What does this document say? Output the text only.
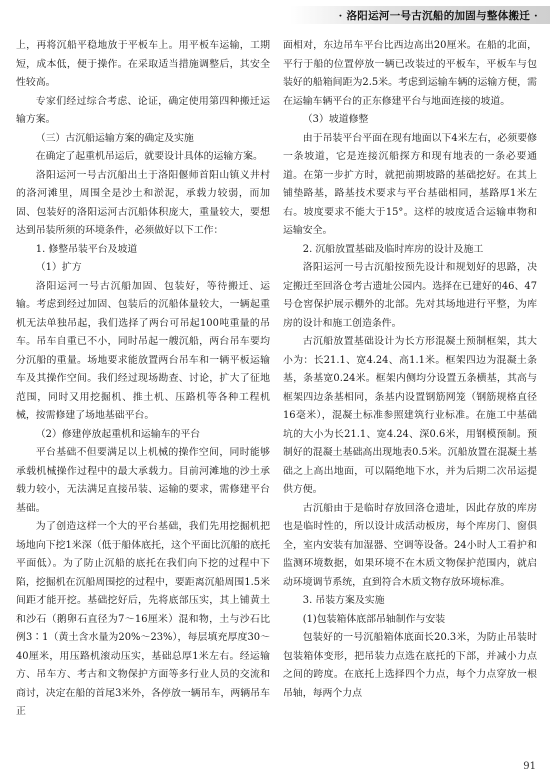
· 洛阳运河一号古沉船的加固与整体搬迁 ·

上，再将沉船平稳地放于平板车上。用平板车运输，工期短，成本低，便于操作。在采取适当措施调整后，其安全性较高。

专家们经过综合考虑、论证，确定使用第四种搬迁运输方案。

（三）古沉船运输方案的确定及实施

在确定了起重机吊运后，就要设计具体的运输方案。

洛阳运河一号古沉船出土于洛阳偃师首阳山镇义井村的洛河滩里，周围全是沙土和淤泥，承载力较弱，而加固、包装好的洛阳运河古沉船体积庞大，重量较大，要想达到吊装所须的环境条件，必须做好以下工作：

1. 修整吊装平台及坡道

（1）扩方

洛阳运河一号古沉船加固、包装好，等待搬迁、运输。考虑到经过加固、包装后的沉船体量较大，一辆起重机无法单独吊起，我们选择了两台可吊起100吨重量的吊车。吊车自重已不小，同时吊起一艘沉船，两台吊车要均分沉船的重量。场地要求能放置两台吊车和一辆平板运输车及其操作空间。我们经过现场勘查、讨论，扩大了征地范围，同时又用挖掘机、推土机、压路机等各种工程机械，按需修建了场地基础平台。

（2）修建停放起重机和运输车的平台

平台基础不但要满足以上机械的操作空间，同时能够承载机械操作过程中的最大承载力。目前河滩地的沙土承载力较小，无法满足直接吊装、运输的要求，需修建平台基础。

为了创造这样一个大的平台基础，我们先用挖掘机把场地向下挖1米深（低于船体底托，这个平面比沉船的底托平面低）。为了防止沉船的底托在我们向下挖的过程中下陷，挖掘机在沉船周围挖的过程中，要距离沉船周围1.5米间距才能开挖。基础挖好后，先将底部压实，其上铺黄土和沙石（鹅卵石直径为7～16厘米）混和物，土与沙石比例3∶1（黄土含水量为20%～23%），每层填充厚度30～40厘米，用压路机滚动压实，基础总厚1米左右。经运输方、吊车方、考古和文物保护方面等多行业人员的交流和商讨，决定在船的首尾3米外，各停放一辆吊车，两辆吊车正

面相对，东边吊车平台比西边高出20厘米。在船的北面，平行于船的位置停放一辆已改装过的平板车，平板车与包装好的船箱间距为2.5米。考虑到运输车辆的运输方便，需在运输车辆平台的正东修建平台与地面连接的坡道。

（3）坡道修整

由于吊装平台平面在现有地面以下4米左右，必须要修一条坡道，它是连接沉船探方和现有地表的一条必要通道。在第一步扩方时，就把前期坡路的基础挖好。在其上铺垫路基，路基技术要求与平台基础相同，基路厚1米左右。坡度要求不能大于15°。这样的坡度适合运输車物和运输安全。

2. 沉船放置基础及临时库房的设计及施工

洛阳运河一号古沉船按预先设计和规划好的思路，决定搬迁至回洛仓考古遗址公园内。选择在已建好的46、47号仓窖保护展示棚外的北部。先对其场地进行平整，为库房的设计和施工创造条件。

古沉船放置基础设计为长方形混凝土预制框架，其大小为：长21.1、宽4.24、高1.1米。框架四边为混凝土条基，条基宽0.24米。框架内侧均分设置五条横基，其高与框架四边条基相同，条基内设置钢筋网笼（钢筋规格直径16毫米），混凝土标准参照建筑行业标准。在施工中基础坑的大小为长21.1、宽4.24、深0.6米，用钢模预制。预制好的混凝土基础高出现地表0.5米。沉船放置在混凝土基础之上高出地面，可以隔绝地下水，并为后期二次吊运提供方便。

古沉船由于是临时存放回洛仓遗址，因此存放的库房也是临时性的，所以设计成活动板房，每个库房门、窗俱全，室内安装有加湿器、空调等设备。24小时人工看护和监测环境数据，如果环境不在木质文物保护范围内，就启动环境调节系统，直到符合木质文物存放环境标准。

3. 吊装方案及实施

(1)包装箱体底部吊轴制作与安装

包装好的一号沉船箱体底面长20.3米，为防止吊装时包装箱体变形，把吊装力点选在底托的下部，并减小力点之间的跨度。在底托上选择四个力点，每个力点穿放一根吊轴，每两个力点

91
